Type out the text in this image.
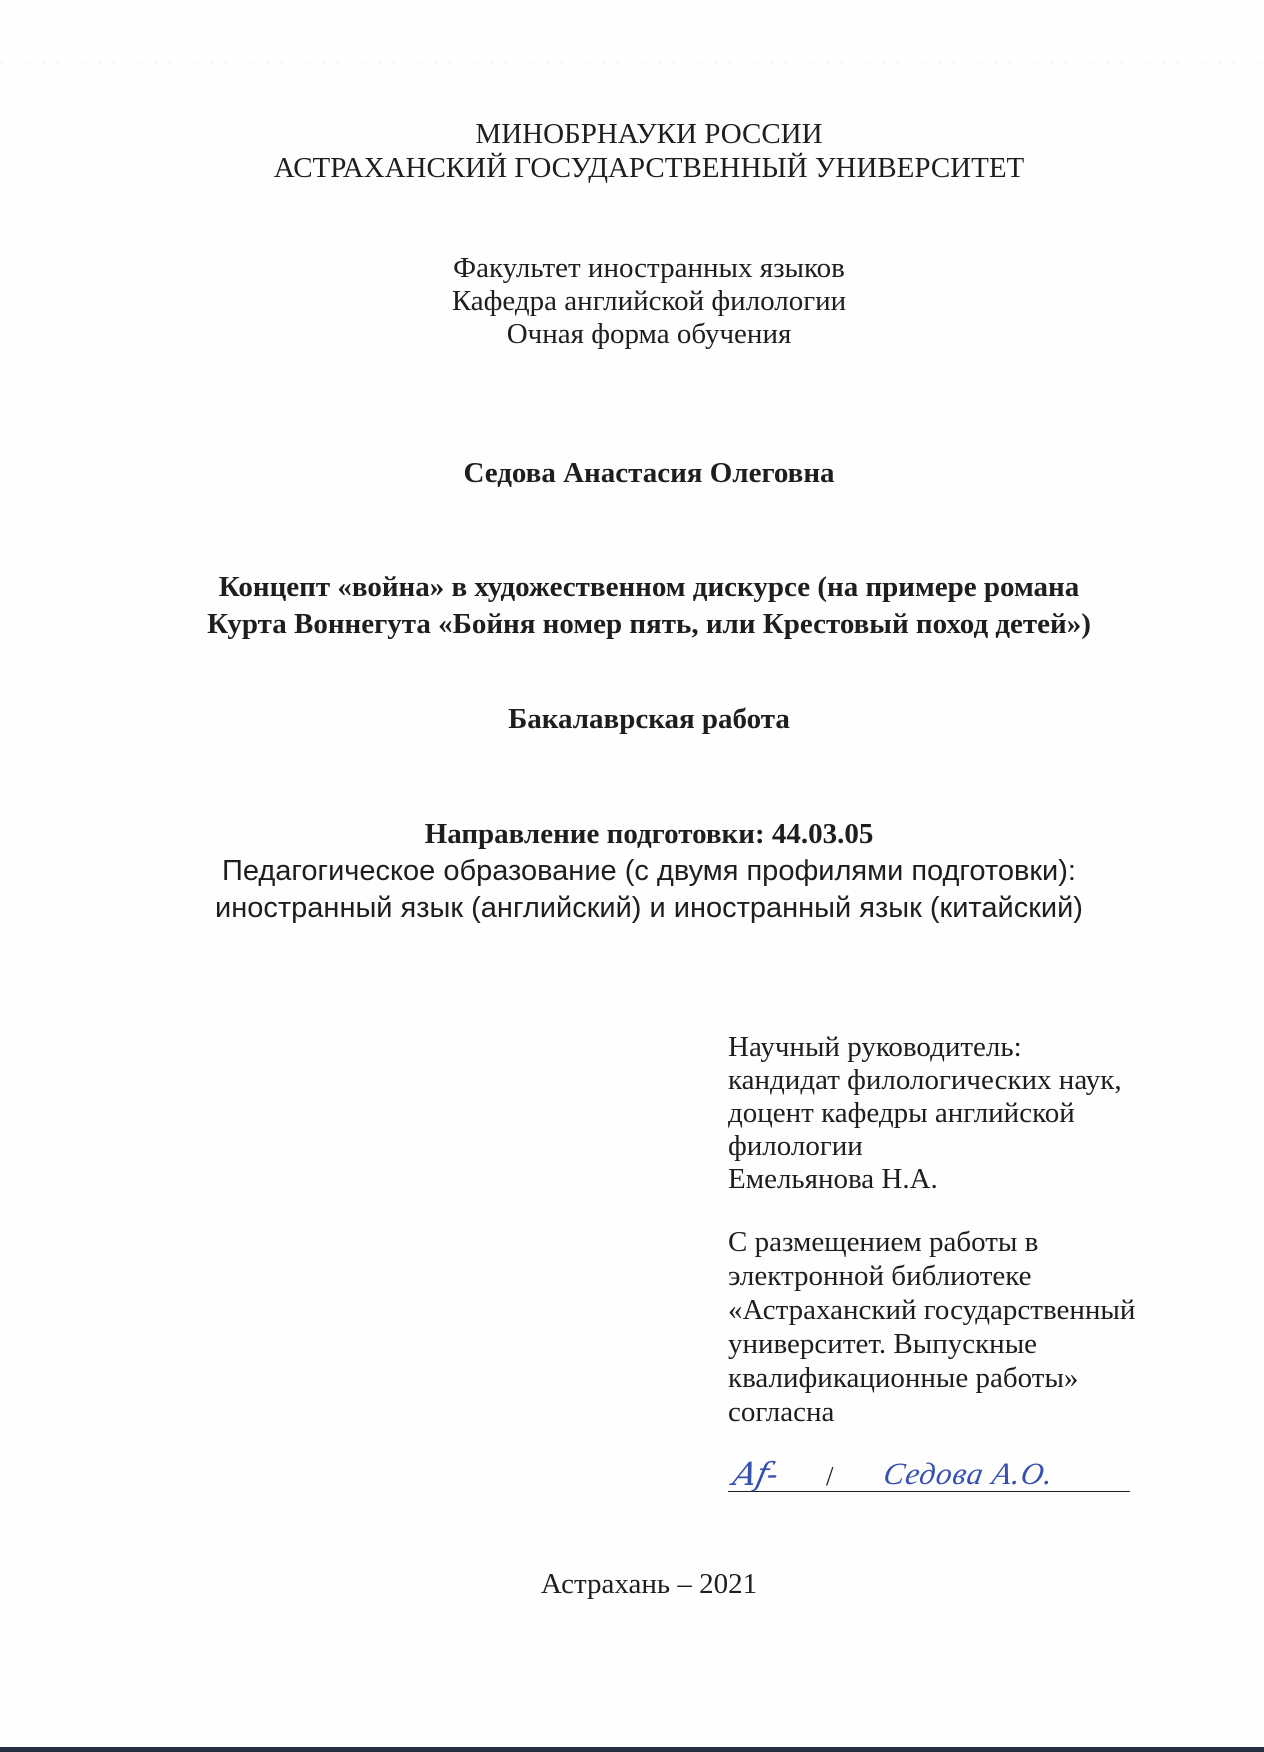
МИНОБРНАУКИ РОССИИ
АСТРАХАНСКИЙ ГОСУДАРСТВЕННЫЙ УНИВЕРСИТЕТ
Факультет иностранных языков
Кафедра английской филологии
Очная форма обучения
Седова Анастасия Олеговна
Концепт «война» в художественном дискурсе (на примере романа
Курта Воннегута «Бойня номер пять, или Крестовый поход детей»)
Бакалаврская работа
Направление подготовки: 44.03.05
Педагогическое образование (с двумя профилями подготовки):
иностранный язык (английский) и иностранный язык (китайский)
Научный руководитель:
кандидат филологических наук,
доцент кафедры английской
филологии
Емельянова Н.А.
С размещением работы в
электронной библиотеке
«Астраханский государственный
университет. Выпускные
квалификационные работы»
согласна
Af- / Седова А.О.
Астрахань – 2021
